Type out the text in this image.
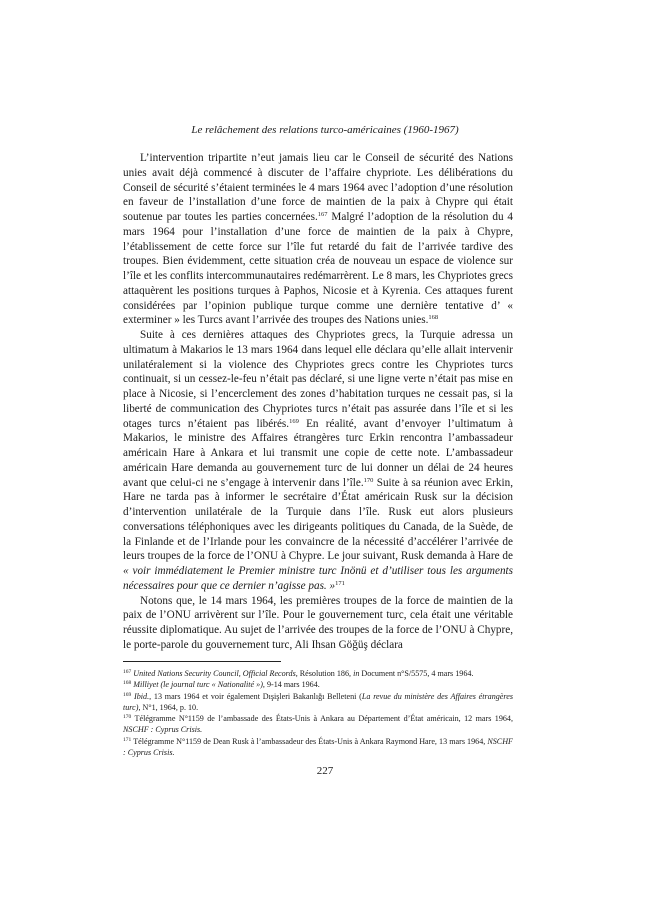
Le relâchement des relations turco-américaines (1960-1967)

L’intervention tripartite n’eut jamais lieu car le Conseil de sécurité des Nations unies avait déjà commencé à discuter de l’affaire chypriote. Les délibérations du Conseil de sécurité s’étaient terminées le 4 mars 1964 avec l’adoption d’une résolution en faveur de l’installation d’une force de maintien de la paix à Chypre qui était soutenue par toutes les parties concernées.$^{167}$ Malgré l’adoption de la résolution du 4 mars 1964 pour l’installation d’une force de maintien de la paix à Chypre, l’établissement de cette force sur l’île fut retardé du fait de l’arrivée tardive des troupes. Bien évidemment, cette situation créa de nouveau un espace de violence sur l’île et les conflits intercommunautaires redémarrèrent. Le 8 mars, les Chypriotes grecs attaquèrent les positions turques à Paphos, Nicosie et à Kyrenia. Ces attaques furent considérées par l’opinion publique turque comme une dernière tentative d’ « exterminer » les Turcs avant l’arrivée des troupes des Nations unies.$^{168}$

Suite à ces dernières attaques des Chypriotes grecs, la Turquie adressa un ultimatum à Makarios le 13 mars 1964 dans lequel elle déclara qu’elle allait intervenir unilatéralement si la violence des Chypriotes grecs contre les Chypriotes turcs continuait, si un cessez-le-feu n’était pas déclaré, si une ligne verte n’était pas mise en place à Nicosie, si l’encerclement des zones d’habitation turques ne cessait pas, si la liberté de communication des Chypriotes turcs n’était pas assurée dans l’île et si les otages turcs n’étaient pas libérés.$^{169}$ En réalité, avant d’envoyer l’ultimatum à Makarios, le ministre des Affaires étrangères turc Erkin rencontra l’ambassadeur américain Hare à Ankara et lui transmit une copie de cette note. L’ambassadeur américain Hare demanda au gouvernement turc de lui donner un délai de 24 heures avant que celui-ci ne s’engage à intervenir dans l’île.$^{170}$ Suite à sa réunion avec Erkin, Hare ne tarda pas à informer le secrétaire d’État américain Rusk sur la décision d’intervention unilatérale de la Turquie dans l’île. Rusk eut alors plusieurs conversations téléphoniques avec les dirigeants politiques du Canada, de la Suède, de la Finlande et de l’Irlande pour les convaincre de la nécessité d’accélérer l’arrivée de leurs troupes de la force de l’ONU à Chypre. Le jour suivant, Rusk demanda à Hare de « voir immédiatement le Premier ministre turc Inönü et d’utiliser tous les arguments nécessaires pour que ce dernier n’agisse pas. »$^{171}$

Notons que, le 14 mars 1964, les premières troupes de la force de maintien de la paix de l’ONU arrivèrent sur l’île. Pour le gouvernement turc, cela était une véritable réussite diplomatique. Au sujet de l’arrivée des troupes de la force de l’ONU à Chypre, le porte-parole du gouvernement turc, Ali Ihsan Göğüş déclara

$^{167}$ United Nations Security Council, Official Records, Résolution 186, in Document n°S/5575, 4 mars 1964.

$^{168}$ Milliyet (le journal turc « Nationalité »), 9-14 mars 1964.

$^{169}$ Ibid., 13 mars 1964 et voir également Dışişleri Bakanlığı Belleteni (La revue du ministère des Affaires étrangères turc), N°1, 1964, p. 10.

$^{170}$ Télégramme N°1159 de l’ambassade des États-Unis à Ankara au Département d’État américain, 12 mars 1964, NSCHF : Cyprus Crisis.

$^{171}$ Télégramme N°1159 de Dean Rusk à l’ambassadeur des États-Unis à Ankara Raymond Hare, 13 mars 1964, NSCHF : Cyprus Crisis.

227
